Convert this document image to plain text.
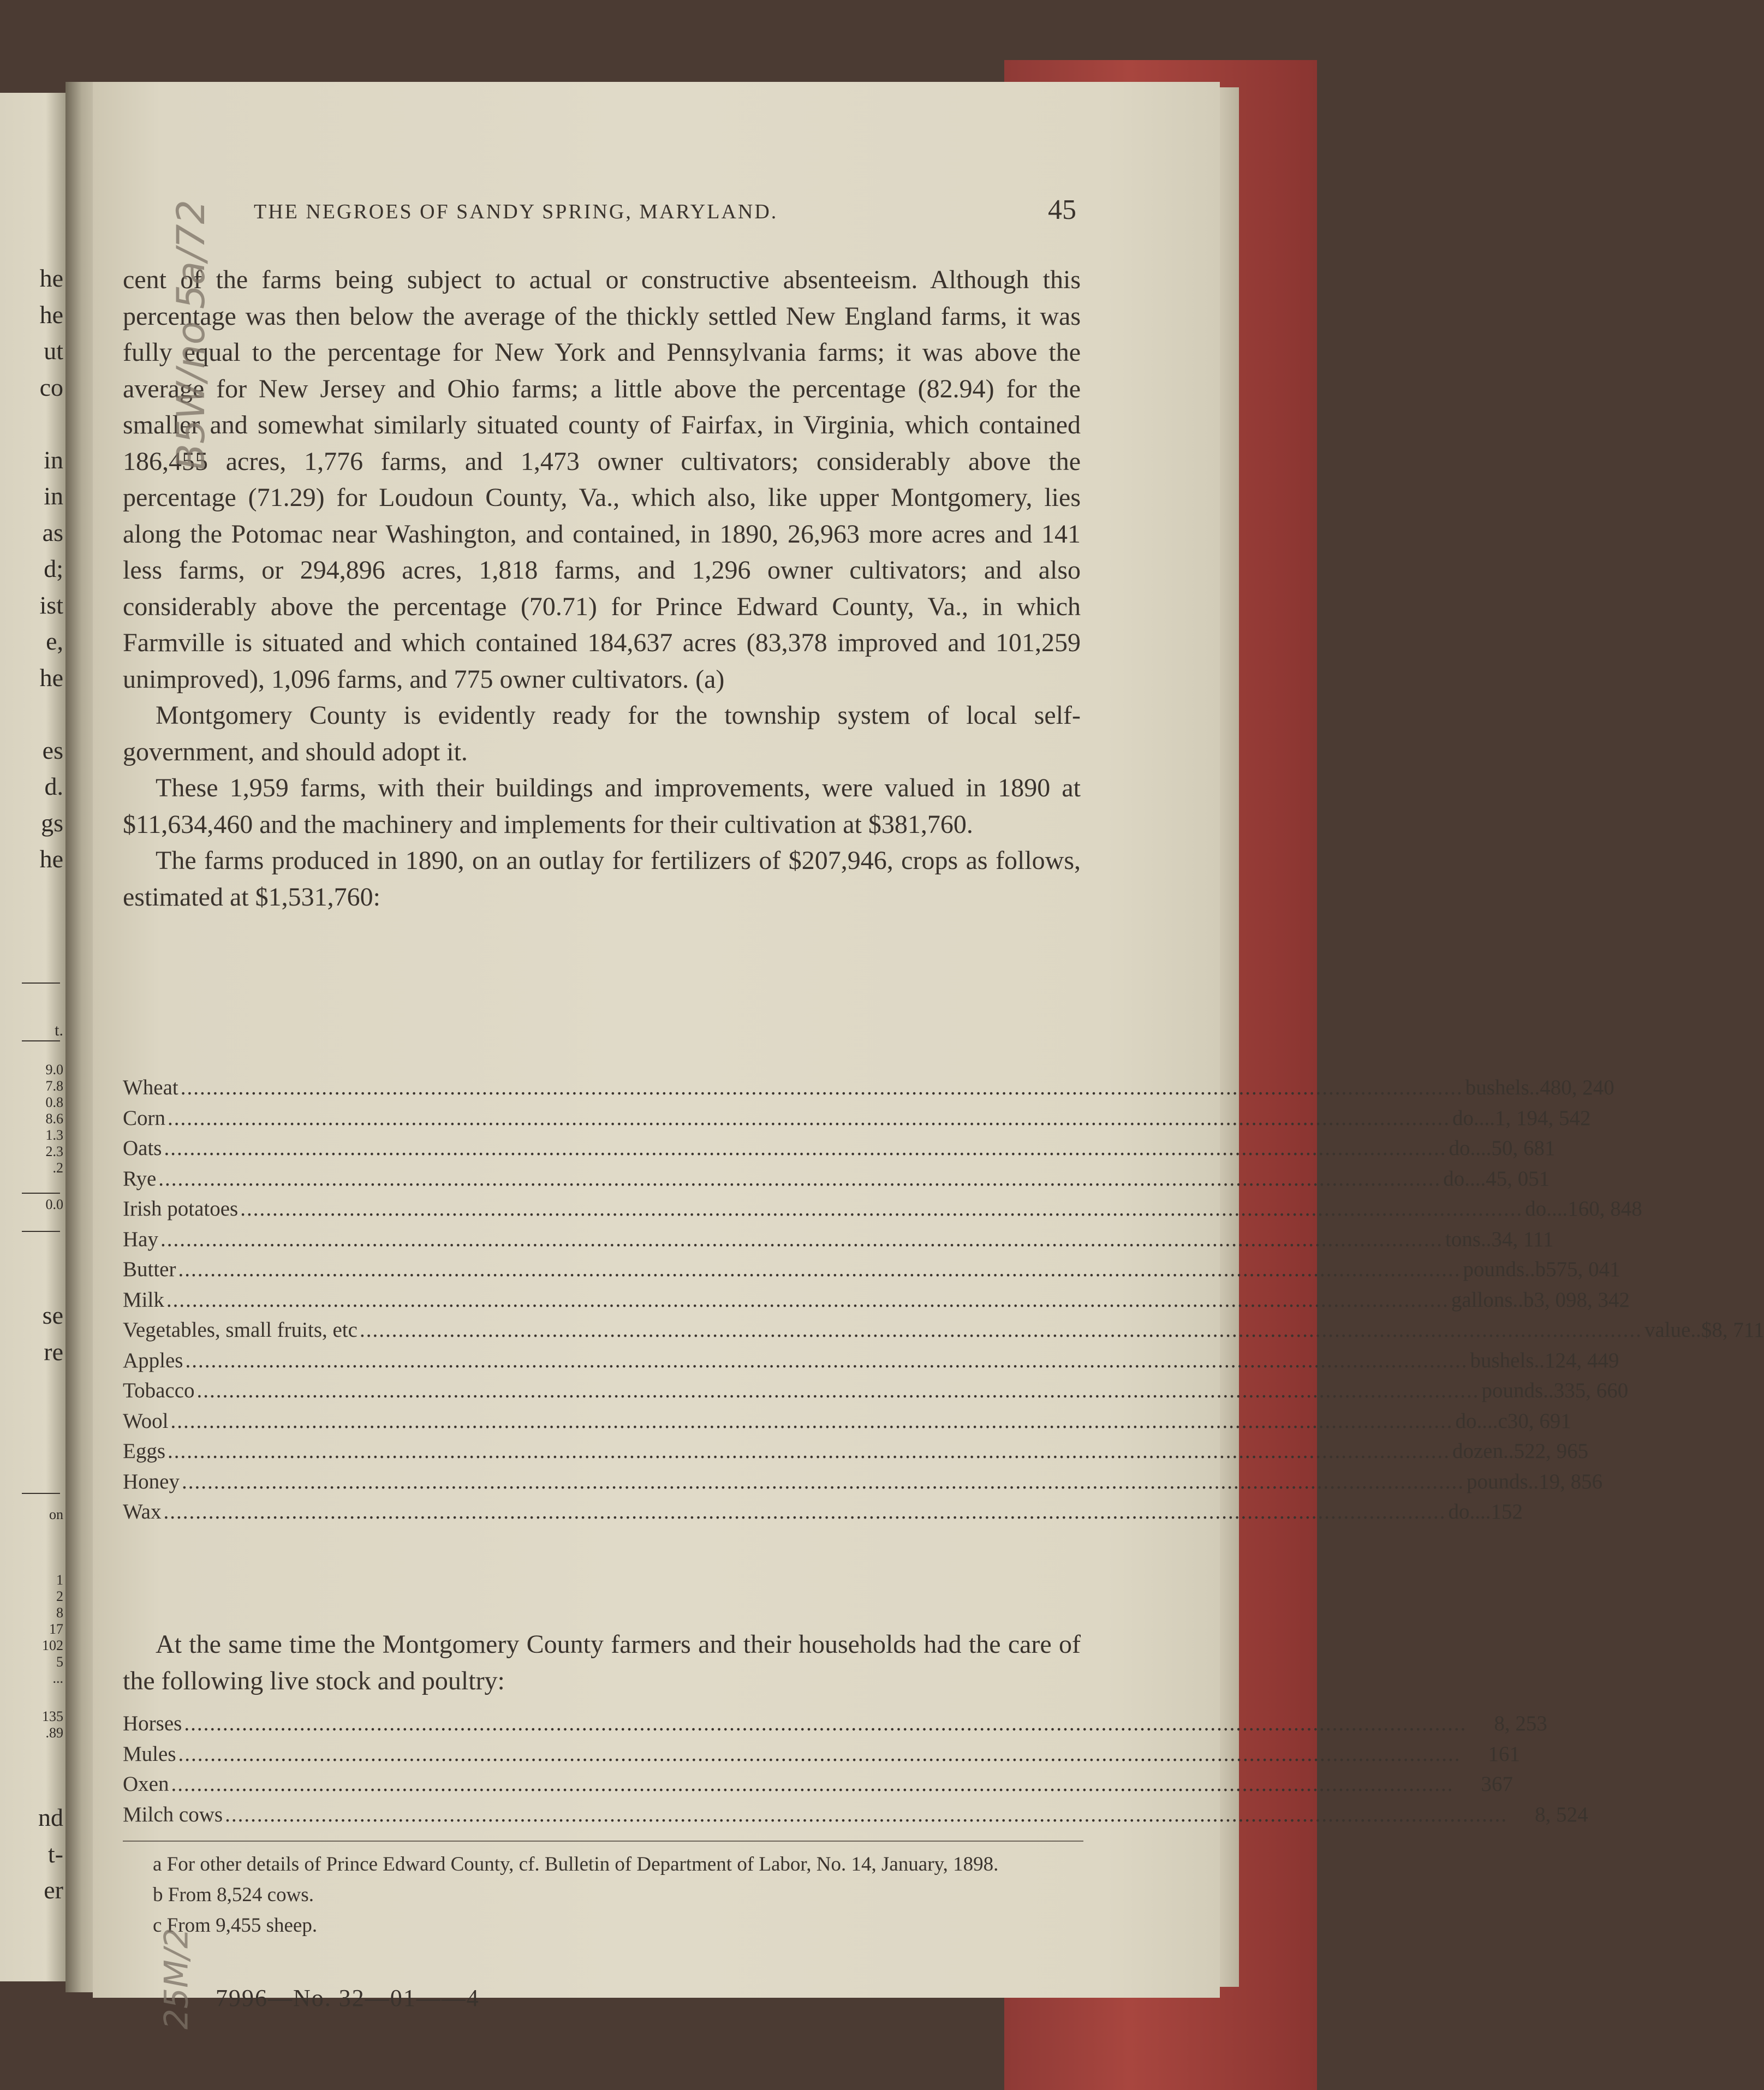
he
he
ut
co
in
in
as
d;
ist
e,
he
es
d.
gs
he
t.
9.0
7.8
0.8
8.6
1.3
2.3
.2
0.0
se
re
on
1
2
8
17
102
5
...
135
.89
nd
t-
er
THE NEGROES OF SANDY SPRING, MARYLAND.	45

cent of the farms being subject to actual or constructive absenteeism. Although this percentage was then below the average of the thickly settled New England farms, it was fully equal to the percentage for New York and Pennsylvania farms; it was above the average for New Jersey and Ohio farms; a little above the percentage (82.94) for the smaller and somewhat similarly situated county of Fairfax, in Virginia, which contained 186,455 acres, 1,776 farms, and 1,473 owner cultivators; considerably above the percentage (71.29) for Loudoun County, Va., which also, like upper Montgomery, lies along the Potomac near Washington, and contained, in 1890, 26,963 more acres and 141 less farms, or 294,896 acres, 1,818 farms, and 1,296 owner cultivators; and also considerably above the percentage (70.71) for Prince Edward County, Va., in which Farmville is situated and which contained 184,637 acres (83,378 improved and 101,259 unimproved), 1,096 farms, and 775 owner cultivators. (a)

Montgomery County is evidently ready for the township system of local self-government, and should adopt it.

These 1,959 farms, with their buildings and improvements, were valued in 1890 at $11,634,460 and the machinery and implements for their cultivation at $381,760.

The farms produced in 1890, on an outlay for fertilizers of $207,946, crops as follows, estimated at $1,531,760:

Wheat ........................................................................................................................................................................................................ bushels.. 480, 240
Corn ........................................................................................................................................................................................................ do.... 1, 194, 542
Oats ........................................................................................................................................................................................................ do.... 50, 681
Rye ........................................................................................................................................................................................................ do.... 45, 051
Irish potatoes ........................................................................................................................................................................................................ do.... 160, 848
Hay ........................................................................................................................................................................................................ tons.. 34, 111
Butter ........................................................................................................................................................................................................ pounds.. b575, 041
Milk ........................................................................................................................................................................................................ gallons.. b3, 098, 342
Vegetables, small fruits, etc ........................................................................................................................................................................................................ value.. $8, 711
Apples ........................................................................................................................................................................................................ bushels.. 124, 449
Tobacco ........................................................................................................................................................................................................ pounds.. 335, 660
Wool ........................................................................................................................................................................................................ do.... c30, 691
Eggs ........................................................................................................................................................................................................ dozen.. 522, 965
Honey ........................................................................................................................................................................................................ pounds.. 19, 856
Wax ........................................................................................................................................................................................................ do.... 152

At the same time the Montgomery County farmers and their households had the care of the following live stock and poultry:

Horses ........................................................................................................................................................................................................ 8, 253
Mules ........................................................................................................................................................................................................ 161
Oxen ........................................................................................................................................................................................................ 367
Milch cows ........................................................................................................................................................................................................ 8, 524

a For other details of Prince Edward County, cf. Bulletin of Department of Labor, No. 14, January, 1898.

b From 8,524 cows.

c From 9,455 sheep.

7996—No. 32—01——4
B5W/no 5a/72
25M/2
